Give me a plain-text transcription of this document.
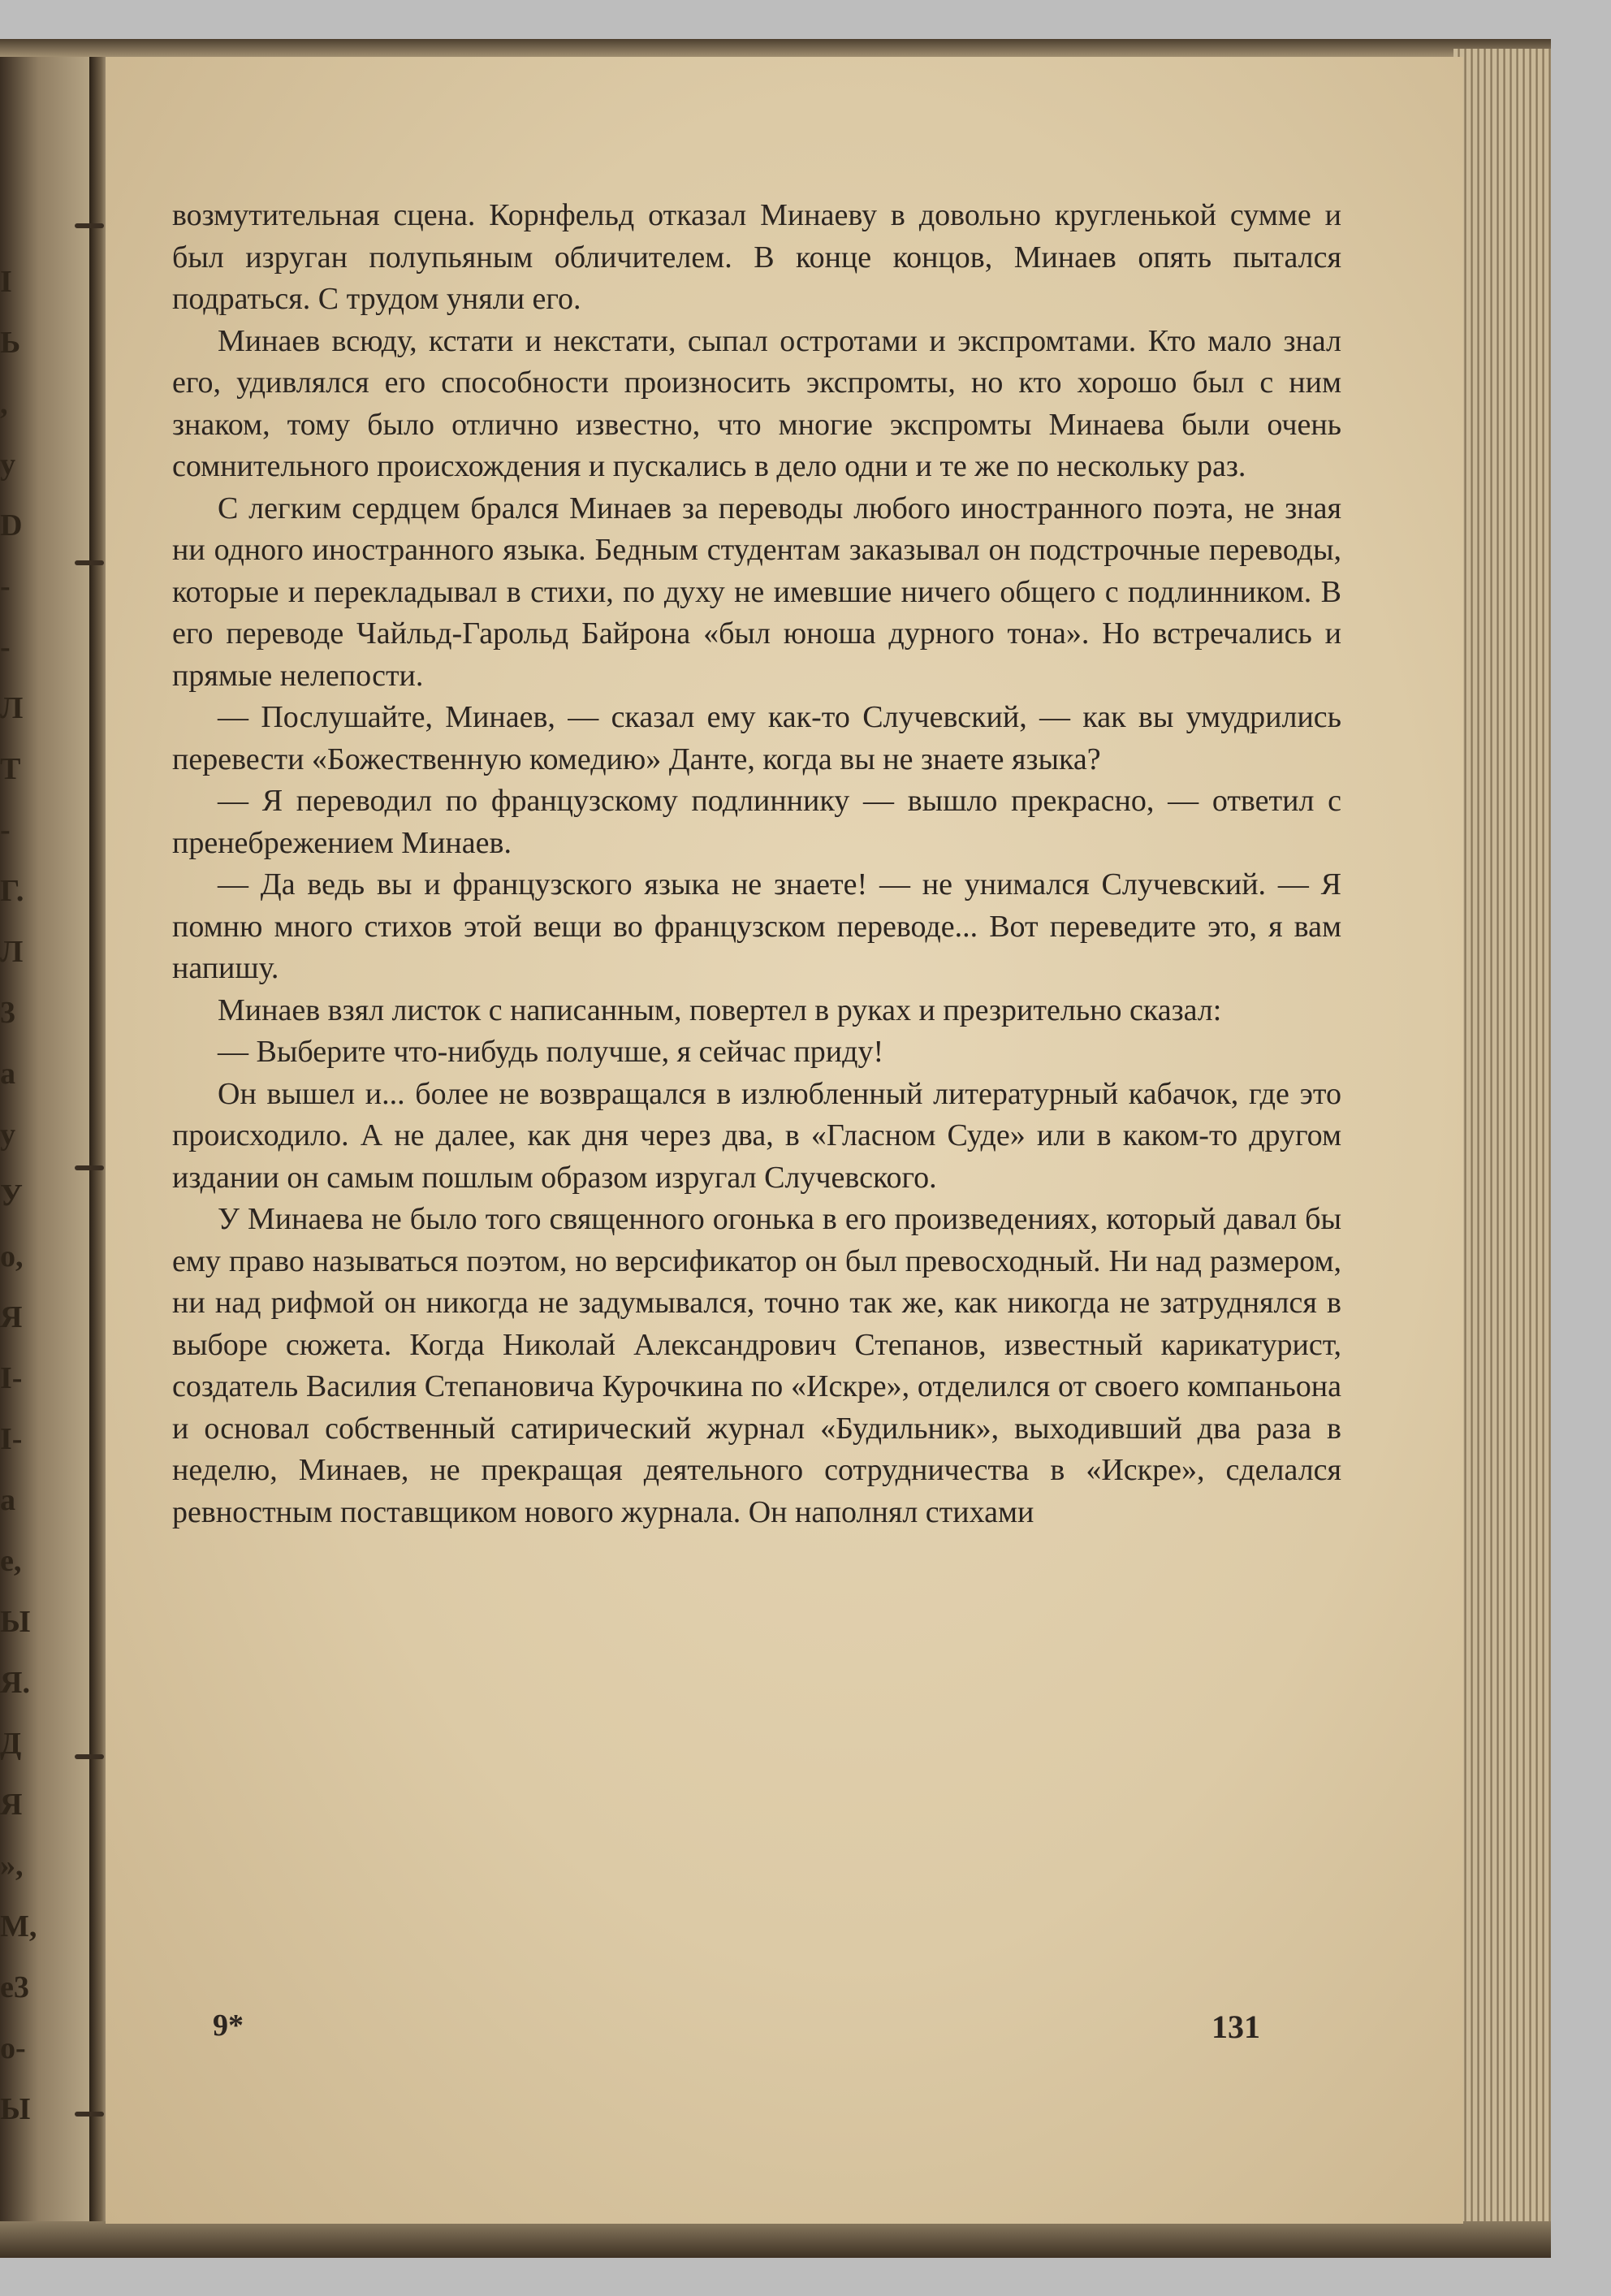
I
Ь
,
y
D
-
-
Л
Т
-
Г.
Л
3
a
у
У
о,
Я
I-
I-
a
e,
Ы
Я.
Д
Я
»,
М,
e3
o-
Ы

возмутительная сцена. Корнфельд отказал Минаеву в довольно кругленькой сумме и был изруган полупьяным обличителем. В конце концов, Минаев опять пытался подраться. С трудом уняли его.

Минаев всюду, кстати и некстати, сыпал остротами и экспромтами. Кто мало знал его, удивлялся его способности произносить экспромты, но кто хорошо был с ним знаком, тому было отлично известно, что многие экспромты Минаева были очень сомнительного происхождения и пускались в дело одни и те же по нескольку раз.

С легким сердцем брался Минаев за переводы любого иностранного поэта, не зная ни одного иностранного языка. Бедным студентам заказывал он подстрочные переводы, которые и перекладывал в стихи, по духу не имевшие ничего общего с подлинником. В его переводе Чайльд-Гарольд Байрона «был юноша дурного тона». Но встречались и прямые нелепости.

— Послушайте, Минаев, — сказал ему как-то Случевский, — как вы умудрились перевести «Божественную комедию» Данте, когда вы не знаете языка?

— Я переводил по французскому подлиннику — вышло прекрасно, — ответил с пренебрежением Минаев.

— Да ведь вы и французского языка не знаете! — не унимался Случевский. — Я помню много стихов этой вещи во французском переводе... Вот переведите это, я вам напишу.

Минаев взял листок с написанным, повертел в руках и презрительно сказал:

— Выберите что-нибудь получше, я сейчас приду!

Он вышел и... более не возвращался в излюбленный литературный кабачок, где это происходило. А не далее, как дня через два, в «Гласном Суде» или в каком-то другом издании он самым пошлым образом изругал Случевского.

У Минаева не было того священного огонька в его произведениях, который давал бы ему право называться поэтом, но версификатор он был превосходный. Ни над размером, ни над рифмой он никогда не задумывался, точно так же, как никогда не затруднялся в выборе сюжета. Когда Николай Александрович Степанов, известный карикатурист, создатель Василия Степановича Курочкина по «Искре», отделился от своего компаньона и основал собственный сатирический журнал «Будильник», выходивший два раза в неделю, Минаев, не прекращая деятельного сотрудничества в «Искре», сделался ревностным поставщиком нового журнала. Он наполнял стихами

9*	131
